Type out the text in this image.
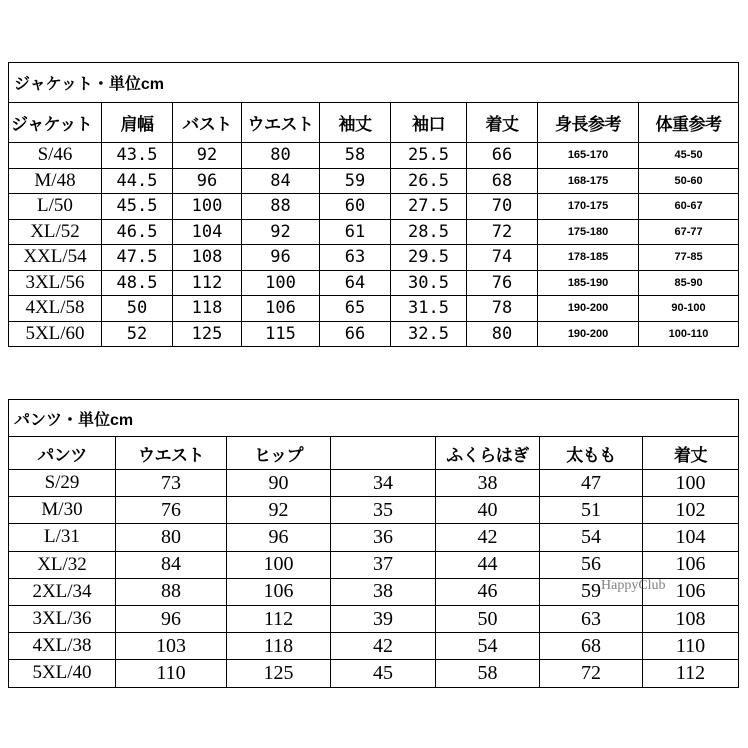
ジャケット・単位cm								
ジャケット	肩幅	バスト	ウエスト	袖丈	袖口	着丈	身長参考	体重参考
S/46	43.5	92	80	58	25.5	66	165-170	45-50
M/48	44.5	96	84	59	26.5	68	168-175	50-60
L/50	45.5	100	88	60	27.5	70	170-175	60-67
XL/52	46.5	104	92	61	28.5	72	175-180	67-77
XXL/54	47.5	108	96	63	29.5	74	178-185	77-85
3XL/56	48.5	112	100	64	30.5	76	185-190	85-90
4XL/58	50	118	106	65	31.5	78	190-200	90-100
5XL/60	52	125	115	66	32.5	80	190-200	100-110
パンツ・単位cm						
パンツ	ウエスト	ヒップ		ふくらはぎ	太もも	着丈
S/29	73	90	34	38	47	100
M/30	76	92	35	40	51	102
L/31	80	96	36	42	54	104
XL/32	84	100	37	44	56	106
2XL/34	88	106	38	46	59	106
3XL/36	96	112	39	50	63	108
4XL/38	103	118	42	54	68	110
5XL/40	110	125	45	58	72	112
HappyClub
